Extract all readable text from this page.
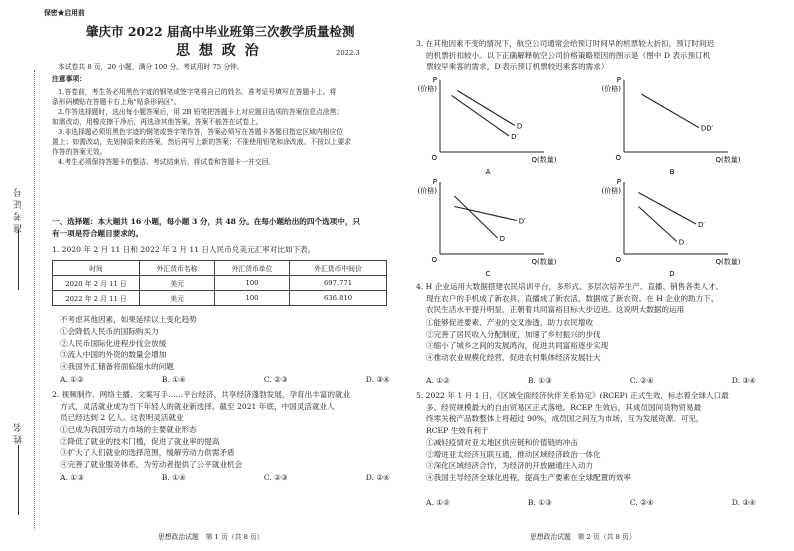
准考证号
姓名
保密★启用前
肇庆市 2022 届高中毕业班第三次教学质量检测
思 想 政 治	2022.3
本试卷共 8 页，20 小题，满分 100 分。考试用时 75 分钟。
注意事项：
1.答卷前，考生务必用黑色字迹的钢笔或签字笔将自己的姓名、准考证号填写在答题卡上。将
条形码横贴在答题卡右上角"贴条形码区"。
2.作答选择题时，选出每小题答案后，用 2B 铅笔把答题卡上对应题目选项的答案信息点涂黑；
如需改动，用橡皮擦干净后，再选涂其他答案。答案不能答在试卷上。
3.非选择题必须用黑色字迹的钢笔或签字笔作答，答案必须写在答题卡各题目指定区域内相应位
置上；如需改动，先划掉原来的答案，然后再写上新的答案；不准使用铅笔和涂改液。不按以上要求
作答的答案无效。
4.考生必须保持答题卡的整洁。考试结束后，将试卷和答题卡一并交回。
一、选择题：本大题共 16 小题，每小题 3 分，共 48 分。在每小题给出的四个选项中，只
有一项是符合题目要求的。
1. 2020 年 2 月 11 日和 2022 年 2 月 11 日人民币兑美元汇率对比如下表。
时间	外汇货币名称	外汇货币单位	外汇货币中间价
2020 年 2 月 11 日	美元	100	697.771
2022 年 2 月 11 日	美元	100	636.810
不考虑其他因素，如果延续以上变化趋势
①会降低人民币的国际购买力
②人民币国际化进程步伐会放缓
③流入中国的外资的数量会增加
④我国外汇储备将面临缩水的问题
A. ①②	B. ①④	C. ②③	D. ③④
2. 视频制作、网络主播、文案写手……平台经济、共享经济蓬勃发展，孕育出丰富的就业
方式，灵活就业成为当下年轻人的就业新选择。截至 2021 年底，中国灵活就业人
员已经达到 2 亿人。这表明灵活就业
①已成为我国劳动力市场的主要就业形态
②降低了就业的技术门槛，促进了就业率的提高
③扩大了人们就业的选择范围，缓解劳动力供需矛盾
④完善了就业服务体系，为劳动者提供了公平就业机会
A. ①③	B. ①④	C. ②③	D. ②④
思想政治试题　第 1 页（共 8 页）
3. 在其他因素不变的情况下，航空公司通常会给预订时间早的机票较大折扣，预订时间迟
的机票折扣较小。以下正确解释航空公司价格策略原因的图示是（图中 D 表示预订机
票较早乘客的需求，D′表示预订机票较迟乘客的需求）
P
(价格)
O	Q(数量)
D
D′
A
P
(价格)
O	Q(数量)
DD′
B
P
(价格)
O	Q(数量)
D
D′
C
P
(价格)
O	Q(数量)
D′
D
D
4. H 企业运用大数据搭建农民培训平台，多形式、多层次培养生产、直播、销售各类人才。
现在农户的手机成了新农具，直播成了新农活，数据成了新农资。在 H 企业的助力下，
农民生活水平提升明显，正朝着共同富裕目标大步迈进。这说明大数据的运用
①能够促进要素、产业的交叉渗透，助力农民增收
②完善了居民收入分配制度，加速了乡村振兴的步伐
③缩小了城乡之间的发展鸿沟，促进共同富裕逐步实现
④推动农业规模化经营，促进农村集体经济发展壮大
A. ①②	B. ①③	C. ②④	D. ③④
5. 2022 年 1 月 1 日，《区域全面经济伙伴关系协定》(RCEP) 正式生效，标志着全球人口最
多、经贸规模最大的自由贸易区正式落地。RCEP 生效后，其成员国间货物贸易最
终零关税产品数整体上将超过 90%，成员国之间互为市场，互为发展资源。可见，
RCEP 生效有利于
①减轻疫情对亚太地区供应链和价值链的冲击
②增进亚太经济互联互通，推动区域经济政治一体化
③深化区域经济合作，为经济的开放融通注入动力
④我国主导经济全球化进程，提高生产要素在全球配置的效率
A. ①②	B. ①③	C. ②④	D. ③④
思想政治试题　第 2 页（共 8 页）
